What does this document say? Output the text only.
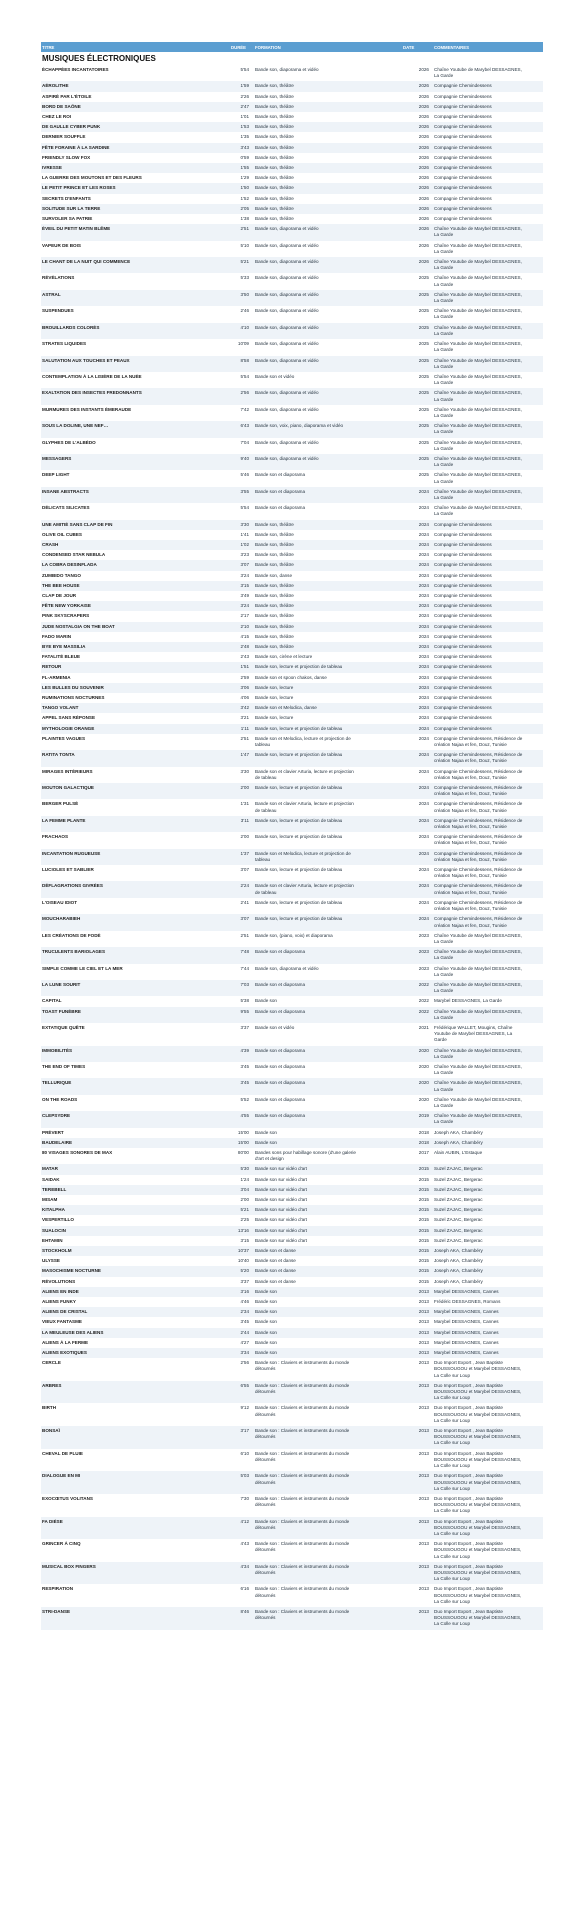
TITRE	DURÉE	FORMATION	DATE	COMMENTAIRES
MUSIQUES ÉLECTRONIQUES
ÉCHAPPÉES INCANTATOIRES	5'54	Bande son, diaporama et vidéo	2026	Chaîne Youtube de Marybel DESSAGNES,
La Garde
AÉROLITHE	1'59	Bande son, théâtre	2026	Compagnie Chemindessens
ASPIRÉ PAR L'ÉTOILE	2'26	Bande son, théâtre	2026	Compagnie Chemindessens
BORD DE SAÔNE	2'47	Bande son, théâtre	2026	Compagnie Chemindessens
CHEZ LE ROI	1'01	Bande son, théâtre	2026	Compagnie Chemindessens
DE GAULLE CYBER PUNK	1'53	Bande son, théâtre	2026	Compagnie Chemindessens
DERNIER SOUFFLE	1'35	Bande son, théâtre	2026	Compagnie Chemindessens
FÊTE FORAINE À LA SARDINE	3'43	Bande son, théâtre	2026	Compagnie Chemindessens
FRIENDLY SLOW FOX	0'59	Bande son, théâtre	2026	Compagnie Chemindessens
IVRESSE	1'55	Bande son, théâtre	2026	Compagnie Chemindessens
LA GUERRE DES MOUTONS ET DES FLEURS	1'29	Bande son, théâtre	2026	Compagnie Chemindessens
LE PETIT PRINCE ET LES ROSES	1'50	Bande son, théâtre	2026	Compagnie Chemindessens
SECRETS D'ENFANTS	1'52	Bande son, théâtre	2026	Compagnie Chemindessens
SOLITUDE SUR LA TERRE	2'05	Bande son, théâtre	2026	Compagnie Chemindessens
SURVOLER SA PATRIE	1'38	Bande son, théâtre	2026	Compagnie Chemindessens
ÉVEIL DU PETIT MATIN BLÊME	2'51	Bande son, diaporama et vidéo	2026	Chaîne Youtube de Marybel DESSAGNES,
La Garde
VAPEUR DE BOIS	5'10	Bande son, diaporama et vidéo	2026	Chaîne Youtube de Marybel DESSAGNES,
La Garde
LE CHANT DE LA NUIT QUI COMMENCE	5'21	Bande son, diaporama et vidéo	2026	Chaîne Youtube de Marybel DESSAGNES,
La Garde
RÉVÉLATIONS	5'33	Bande son, diaporama et vidéo	2025	Chaîne Youtube de Marybel DESSAGNES,
La Garde
ASTRAL	3'50	Bande son, diaporama et vidéo	2025	Chaîne Youtube de Marybel DESSAGNES,
La Garde
SUSPENDUES	2'46	Bande son, diaporama et vidéo	2025	Chaîne Youtube de Marybel DESSAGNES,
La Garde
BROUILLARDS COLORÉS	4'10	Bande son, diaporama et vidéo	2025	Chaîne Youtube de Marybel DESSAGNES,
La Garde
STRATES LIQUIDES	10'09	Bande son, diaporama et vidéo	2025	Chaîne Youtube de Marybel DESSAGNES,
La Garde
SALUTATION AUX TOUCHES ET PEAUX	8'58	Bande son, diaporama et vidéo	2025	Chaîne Youtube de Marybel DESSAGNES,
La Garde
CONTEMPLATION À LA LISIÈRE DE LA NUÉE	5'54	Bande son et vidéo	2025	Chaîne Youtube de Marybel DESSAGNES,
La Garde
EXALTATION DES INSECTES FREDONNANTS	2'56	Bande son, diaporama et vidéo	2025	Chaîne Youtube de Marybel DESSAGNES,
La Garde
MURMURES DES INSTANTS ÉMERAUDE	7'42	Bande son, diaporama et vidéo	2025	Chaîne Youtube de Marybel DESSAGNES,
La Garde
SOUS LA DOLINE, UNE NEF…	6'43	Bande son, voix, piano, diaporama et vidéo	2025	Chaîne Youtube de Marybel DESSAGNES,
La Garde
GLYPHES DE L'ALBÉDO	7'04	Bande son, diaporama et vidéo	2025	Chaîne Youtube de Marybel DESSAGNES,
La Garde
MESSAGERS	9'40	Bande son, diaporama et vidéo	2025	Chaîne Youtube de Marybel DESSAGNES,
La Garde
DEEP LIGHT	5'46	Bande son et diaporama	2025	Chaîne Youtube de Marybel DESSAGNES,
La Garde
INSANE ABSTRACTS	3'55	Bande son et diaporama	2024	Chaîne Youtube de Marybel DESSAGNES,
La Garde
DÉLICATS SILICATES	5'54	Bande son et diaporama	2024	Chaîne Youtube de Marybel DESSAGNES,
La Garde
UNE AMITIÉ SANS CLAP DE FIN	3'30	Bande son, théâtre	2024	Compagnie Chemindessens
OLIVE OIL CUBES	1'41	Bande son, théâtre	2024	Compagnie Chemindessens
CRASH	1'02	Bande son, théâtre	2024	Compagnie Chemindessens
CONDENSED STAR NEBULA	3'23	Bande son, théâtre	2024	Compagnie Chemindessens
LA COBRA DESINFLADA	3'07	Bande son, théâtre	2024	Compagnie Chemindessens
ZUMBIDO TANGO	3'24	Bande son, danse	2024	Compagnie Chemindessens
THE BEE HOUSE	3'15	Bande son, théâtre	2024	Compagnie Chemindessens
CLAP DE JOUR	3'49	Bande son, théâtre	2024	Compagnie Chemindessens
FÊTE NEW YORKAISE	3'24	Bande son, théâtre	2024	Compagnie Chemindessens
PINK SKYSCRAPERS	2'17	Bande son, théâtre	2024	Compagnie Chemindessens
JUDE NOSTALGIA ON THE BOAT	2'10	Bande son, théâtre	2024	Compagnie Chemindessens
FADO MARIN	4'15	Bande son, théâtre	2024	Compagnie Chemindessens
BYE BYE MASSILIA	2'48	Bande son, théâtre	2024	Compagnie Chemindessens
FATALITÉ BLEUE	2'43	Bande son, cirène et lecture	2024	Compagnie Chemindessens
RETOUR	1'51	Bande son, lecture et projection de tableau	2024	Compagnie Chemindessens
FL-ARMENIA	2'59	Bande son et spoon chakos, danse	2024	Compagnie Chemindessens
LES BULLES DU SOUVENIR	3'06	Bande son, lecture	2024	Compagnie Chemindessens
RUMINATIONS NOCTURNES	4'06	Bande son, lecture	2024	Compagnie Chemindessens
TANGO VOLANT	3'42	Bande son et Melodica, danse	2024	Compagnie Chemindessens
APPEL SANS RÉPONSE	3'21	Bande son, lecture	2024	Compagnie Chemindessens
MYTHOLOGIE ORANGE	1'11	Bande son, lecture et projection de tableau	2024	Compagnie Chemindessens
PLAINTES VAGUES	2'51	Bande son et Melodica, lecture et projection de
tableau
2024	Compagnie Chemindessens, Résidence de
création Najaa et fen, Douz, Tunisie
RATITA TONTA	1'47	Bande son, lecture et projection de tableau	2024	Compagnie Chemindessens, Résidence de
création Najaa et fen, Douz, Tunisie
MIRAGES INTÉRIEURS	3'30	Bande son et clavier Arturia, lecture et projection
de tableau
2024	Compagnie Chemindessens, Résidence de
création Najaa et fen, Douz, Tunisie
MOUTON GALACTIQUE	2'00	Bande son, lecture et projection de tableau	2024	Compagnie Chemindessens, Résidence de
création Najaa et fen, Douz, Tunisie
BERGER PULSÉ	1'31	Bande son et clavier Arturia, lecture et projection
de tableau
2024	Compagnie Chemindessens, Résidence de
création Najaa et fen, Douz, Tunisie
LA FEMME PLANTE	3'11	Bande son, lecture et projection de tableau	2024	Compagnie Chemindessens, Résidence de
création Najaa et fen, Douz, Tunisie
FRACHAOS	2'00	Bande son, lecture et projection de tableau	2024	Compagnie Chemindessens, Résidence de
création Najaa et fen, Douz, Tunisie
INCANTATION RUGUEUSE	1'37	Bande son et Melodica, lecture et projection de
tableau
2024	Compagnie Chemindessens, Résidence de
création Najaa et fen, Douz, Tunisie
LUCIOLES ET SABLIER	3'07	Bande son, lecture et projection de tableau	2024	Compagnie Chemindessens, Résidence de
création Najaa et fen, Douz, Tunisie
DÉFLAGRATIONS GIVRÉES	2'24	Bande son et clavier Arturia, lecture et projection
de tableau
2024	Compagnie Chemindessens, Résidence de
création Najaa et fen, Douz, Tunisie
L'OISEAU IDIOT	2'41	Bande son, lecture et projection de tableau	2024	Compagnie Chemindessens, Résidence de
création Najaa et fen, Douz, Tunisie
MOUCHARABIEH	3'07	Bande son, lecture et projection de tableau	2024	Compagnie Chemindessens, Résidence de
création Najaa et fen, Douz, Tunisie
LES CRÉATIONS DE FODÉ	2'51	Bande son, (piano, voix) et diaporama	2023	Chaîne Youtube de Marybel DESSAGNES,
La Garde
TRUCULENTS BARIOLAGES	7'48	Bande son et diaporama	2023	Chaîne Youtube de Marybel DESSAGNES,
La Garde
SIMPLE COMME LE CIEL ET LA MER	7'44	Bande son, diaporama et vidéo	2023	Chaîne Youtube de Marybel DESSAGNES,
La Garde
LA LUNE SOURIT	7'03	Bande son et diaporama	2022	Chaîne Youtube de Marybel DESSAGNES,
La Garde
CAPITAL	5'38	Bande son	2022	Marybel DESSAGNES, La Garde
TOAST FUNÈBRE	9'55	Bande son et diaporama	2022	Chaîne Youtube de Marybel DESSAGNES,
La Garde
EXTATIQUE QUÊTE	3'37	Bande son et vidéo	2021	Frédérique WALLET, Mougins, Chaîne
Youtube de Marybel DESSAGNES, La
Garde
IMMOBILITÉS	4'39	Bande son et diaporama	2020	Chaîne Youtube de Marybel DESSAGNES,
La Garde
THE END OF TIMES	3'45	Bande son et diaporama	2020	Chaîne Youtube de Marybel DESSAGNES,
La Garde
TELLURIQUE	3'45	Bande son et diaporama	2020	Chaîne Youtube de Marybel DESSAGNES,
La Garde
ON THE ROADS	5'52	Bande son et diaporama	2020	Chaîne Youtube de Marybel DESSAGNES,
La Garde
CLEPSYDRE	4'55	Bande son et diaporama	2019	Chaîne Youtube de Marybel DESSAGNES,
La Garde
PRÉVERT	15'00	Bande son	2018	Joseph AKA, Chambéry
BAUDELAIRE	15'00	Bande son	2018	Joseph AKA, Chambéry
80 VISAGES SONORES DE MAX	80'00	Bandes sons pour habillage sonore (d'une galerie
d'art et design
2017	Alain AUBIN, L'Estaque
MATAR	5'30	Bande son sur vidéo d'art	2015	Suzel ZAJAC, Bergerac
SAIDAK	1'24	Bande son sur vidéo d'art	2015	Suzel ZAJAC, Bergerac
TEREBELL	3'04	Bande son sur vidéo d'art	2015	Suzel ZAJAC, Bergerac
MISAM	2'00	Bande son sur vidéo d'art	2015	Suzel ZAJAC, Bergerac
KITALPHA	5'21	Bande son sur vidéo d'art	2015	Suzel ZAJAC, Bergerac
VESPERTILLO	2'25	Bande son sur vidéo d'art	2015	Suzel ZAJAC, Bergerac
SUALOCIN	13'16	Bande son sur vidéo d'art	2015	Suzel ZAJAC, Bergerac
EHTAMIN	3'15	Bande son sur vidéo d'art	2015	Suzel ZAJAC, Bergerac
STOCKHOLM	10'37	Bande son et danse	2015	Joseph AKA, Chambéry
ULYSSE	10'40	Bande son et danse	2015	Joseph AKA, Chambéry
MASOCHISME NOCTURNE	5'20	Bande son et danse	2015	Joseph AKA, Chambéry
RÉVOLUTIONS	3'37	Bande son et danse	2015	Joseph AKA, Chambéry
ALIENS EN INDE	3'16	Bande son	2013	Marybel DESSAGNES, Cannes
ALIENS FUNKY	4'46	Bande son	2013	Frédéric DESSAGNES, Romans
ALIENS DE CRISTAL	2'34	Bande son	2013	Marybel DESSAGNES, Cannes
VIEUX FANTASME	3'45	Bande son	2013	Marybel DESSAGNES, Cannes
LA MEULEUSE DES ALIENS	2'44	Bande son	2013	Marybel DESSAGNES, Cannes
ALIENS À LA FERME	4'27	Bande son	2013	Marybel DESSAGNES, Cannes
ALIENS EXOTIQUES	3'34	Bande son	2013	Marybel DESSAGNES, Cannes
CERCLE	2'56	Bande son : Claviers et instruments du monde
détournés
2013	Duo Import Export , Jean Baptiste
BOUSSOUGOU et Marybel DESSAGNES,
La Colle sur Loup
ARBRES	6'55	Bande son : Claviers et instruments du monde
détournés
2013	Duo Import Export , Jean Baptiste
BOUSSOUGOU et Marybel DESSAGNES,
La Colle sur Loup
BIRTH	9'12	Bande son : Claviers et instruments du monde
détournés
2013	Duo Import Export , Jean Baptiste
BOUSSOUGOU et Marybel DESSAGNES,
La Colle sur Loup
BONSAÏ	3'17	Bande son : Claviers et instruments du monde
détournés
2013	Duo Import Export , Jean Baptiste
BOUSSOUGOU et Marybel DESSAGNES,
La Colle sur Loup
CHEVAL DE PLUIE	6'10	Bande son : Claviers et instruments du monde
détournés
2013	Duo Import Export , Jean Baptiste
BOUSSOUGOU et Marybel DESSAGNES,
La Colle sur Loup
DIALOGUE EN MI	5'03	Bande son : Claviers et instruments du monde
détournés
2013	Duo Import Export , Jean Baptiste
BOUSSOUGOU et Marybel DESSAGNES,
La Colle sur Loup
EXOCŒTUS VOLITANS	7'30	Bande son : Claviers et instruments du monde
détournés
2013	Duo Import Export , Jean Baptiste
BOUSSOUGOU et Marybel DESSAGNES,
La Colle sur Loup
FA DIÈSE	4'12	Bande son : Claviers et instruments du monde
détournés
2013	Duo Import Export , Jean Baptiste
BOUSSOUGOU et Marybel DESSAGNES,
La Colle sur Loup
GRINCER À CINQ	4'43	Bande son : Claviers et instruments du monde
détournés
2013	Duo Import Export , Jean Baptiste
BOUSSOUGOU et Marybel DESSAGNES,
La Colle sur Loup
MUSICAL BOX FINGERS	4'34	Bande son : Claviers et instruments du monde
détournés
2013	Duo Import Export , Jean Baptiste
BOUSSOUGOU et Marybel DESSAGNES,
La Colle sur Loup
RESPIRATION	6'16	Bande son : Claviers et instruments du monde
détournés
2013	Duo Import Export , Jean Baptiste
BOUSSOUGOU et Marybel DESSAGNES,
La Colle sur Loup
STRI-DANSE	8'46	Bande son : Claviers et instruments du monde
détournés
2013	Duo Import Export , Jean Baptiste
BOUSSOUGOU et Marybel DESSAGNES,
La Colle sur Loup
